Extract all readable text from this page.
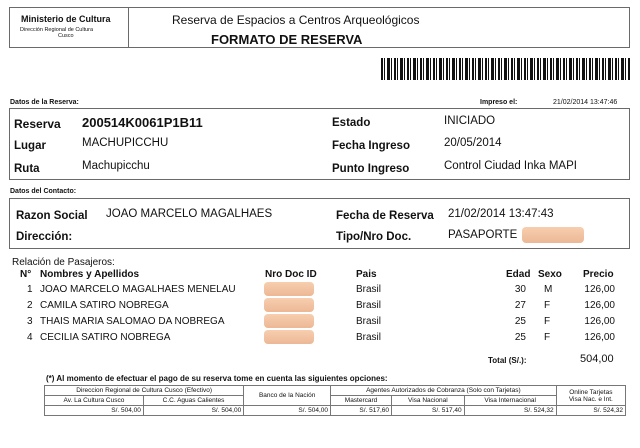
Ministerio de Cultura
Dirección Regional de Cultura
Cusco
Reserva de Espacios a Centros Arqueológicos
FORMATO DE RESERVA
Datos de la Reserva:	Impreso el:	21/02/2014 13:47:46
Reserva 200514K0061P1B11	Estado	INICIADO
Lugar	MACHUPICCHU	Fecha Ingreso	20/05/2014
Ruta	Machupicchu	Punto Ingreso	Control Ciudad Inka MAPI
Datos del Contacto:
Razon Social JOAO MARCELO MAGALHAES	Fecha de Reserva 21/02/2014 13:47:43
Dirección:	Tipo/Nro Doc.	PASAPORTE
Relación de Pasajeros:
N° Nombres y Apellidos	Nro Doc ID	Pais	Edad Sexo Precio
1 JOAO MARCELO MAGALHAES MENELAU	Brasil	30 M	126,00
2 CAMILA SATIRO NOBREGA	Brasil	27 F	126,00
3 THAIS MARIA SALOMAO DA NOBREGA	Brasil	25 F	126,00
4 CECILIA SATIRO NOBREGA	Brasil	25 F	126,00
Total (S/.):	504,00
(*) Al momento de efectuar el pago de su reserva tome en cuenta las siguientes opciones:
Direccion Regional de Cultura Cusco (Efectivo)		Banco de la Nación	Agentes Autorizados de Cobranza (Solo con Tarjetas)			Online Tarjetas
Visa Nac. e Int.

Av. La Cultura Cusco	C.C. Aguas Calientes		Mastercard	Visa Nacional	Visa Internacional	
S/. 504,00	S/. 504,00	S/. 504,00	S/. 517,60	S/. 517,40	S/. 524,32	S/. 524,32
